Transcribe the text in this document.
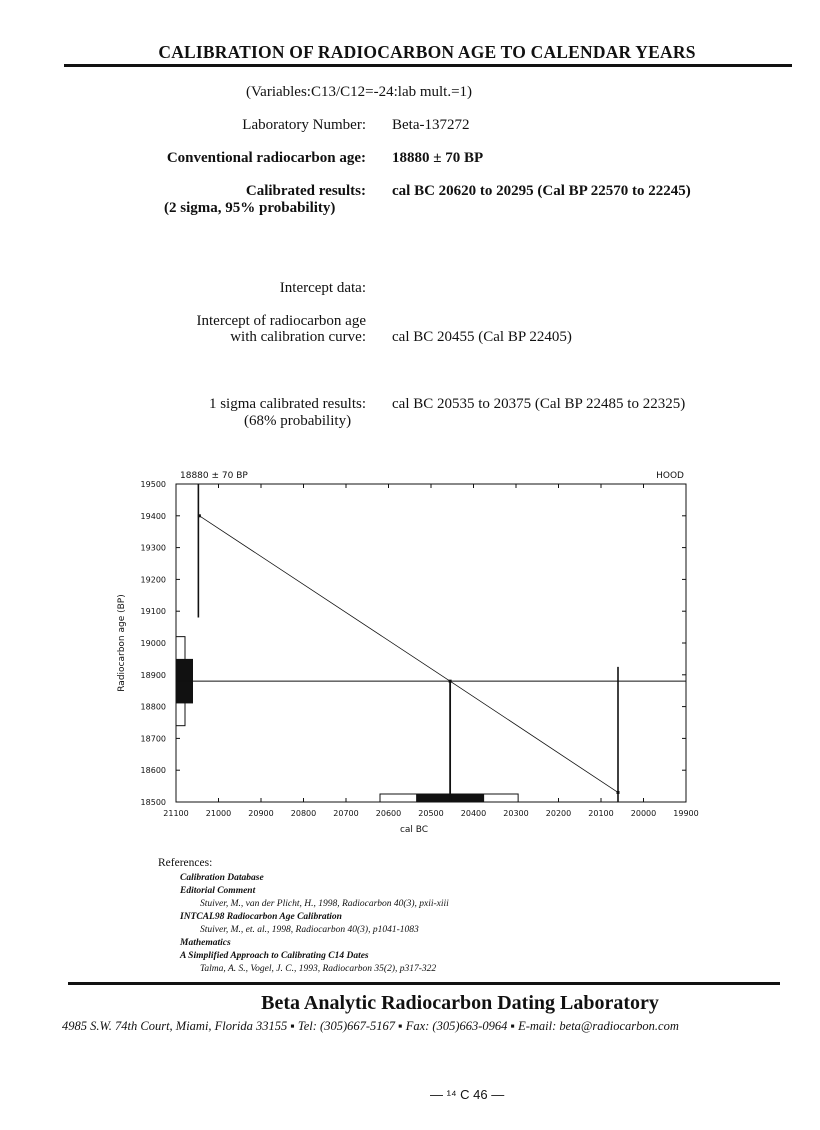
CALIBRATION OF RADIOCARBON AGE TO CALENDAR YEARS
(Variables:C13/C12=-24:lab mult.=1)
Laboratory Number: Beta-137272
Conventional radiocarbon age: 18880 ± 70 BP
Calibrated results:
(2 sigma, 95% probability)
cal BC 20620 to 20295 (Cal BP 22570 to 22245)
Intercept data:
Intercept of radiocarbon age
with calibration curve: cal BC 20455 (Cal BP 22405)
1 sigma calibrated results:
(68% probability)
cal BC 20535 to 20375 (Cal BP 22485 to 22325)
18880 ± 70 BP	HOOD
19500
19400
19300
19200
19100
19000
18900
18800
18700
18600
18500
21100 21000 20900 20800 20700 20600 20500 20400 20300 20200 20100 20000 19900
Radiocarbon age (BP)
cal BC
References:
Calibration Database
Editorial Comment
Stuiver, M., van der Plicht, H., 1998, Radiocarbon 40(3), pxii-xiii
INTCAL98 Radiocarbon Age Calibration
Stuiver, M., et. al., 1998, Radiocarbon 40(3), p1041-1083
Mathematics
A Simplified Approach to Calibrating C14 Dates
Talma, A. S., Vogel, J. C., 1993, Radiocarbon 35(2), p317-322
Beta Analytic Radiocarbon Dating Laboratory
4985 S.W. 74th Court, Miami, Florida 33155 ▪ Tel: (305)667-5167 ▪ Fax: (305)663-0964 ▪ E-mail: beta@radiocarbon.com
— ¹⁴ C 46 —
